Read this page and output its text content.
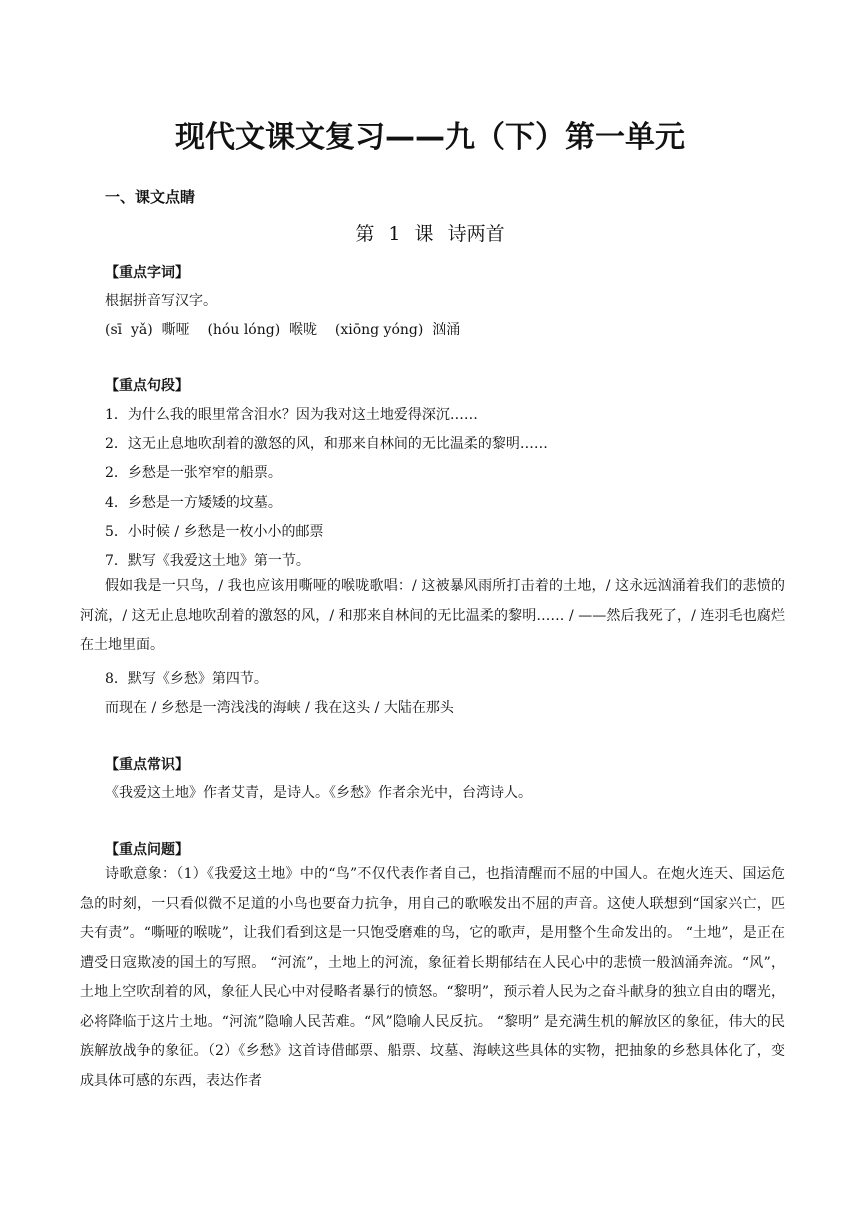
现代文课文复习——九（下）第一单元
一、课文点睛
第 1 课 诗两首
【重点字词】
根据拼音写汉字。
(sī  yǎ)  嘶哑    (hóu lóng)  喉咙    (xiōng yóng)  汹涌
【重点句段】
1．为什么我的眼里常含泪水？因为我对这土地爱得深沉……
2．这无止息地吹刮着的激怒的风，和那来自林间的无比温柔的黎明……
2．乡愁是一张窄窄的船票。
4．乡愁是一方矮矮的坟墓。
5．小时候 / 乡愁是一枚小小的邮票
7．默写《我爱这土地》第一节。
假如我是一只鸟，/ 我也应该用嘶哑的喉咙歌唱：/ 这被暴风雨所打击着的土地，/ 这永远汹涌着我们的悲愤的河流，/ 这无止息地吹刮着的激怒的风，/ 和那来自林间的无比温柔的黎明…… / ——然后我死了，/ 连羽毛也腐烂在土地里面。
8．默写《乡愁》第四节。
而现在 / 乡愁是一湾浅浅的海峡 / 我在这头 / 大陆在那头
【重点常识】
《我爱这土地》作者艾青，是诗人。《乡愁》作者余光中，台湾诗人。
【重点问题】
诗歌意象：（1）《我爱这土地》中的“鸟”不仅代表作者自己，也指清醒而不屈的中国人。在炮火连天、国运危急的时刻，一只看似微不足道的小鸟也要奋力抗争，用自己的歌喉发出不屈的声音。这使人联想到“国家兴亡，匹夫有责”。“嘶哑的喉咙”，让我们看到这是一只饱受磨难的鸟，它的歌声，是用整个生命发出的。 “土地”，是正在遭受日寇欺凌的国土的写照。 “河流”，土地上的河流，象征着长期郁结在人民心中的悲愤一般汹涌奔流。“风”，土地上空吹刮着的风，象征人民心中对侵略者暴行的愤怒。“黎明”，预示着人民为之奋斗献身的独立自由的曙光，必将降临于这片土地。“河流”隐喻人民苦难。“风”隐喻人民反抗。 “黎明” 是充满生机的解放区的象征，伟大的民族解放战争的象征。（2）《乡愁》这首诗借邮票、船票、坟墓、海峡这些具体的实物，把抽象的乡愁具体化了，变成具体可感的东西，表达作者
